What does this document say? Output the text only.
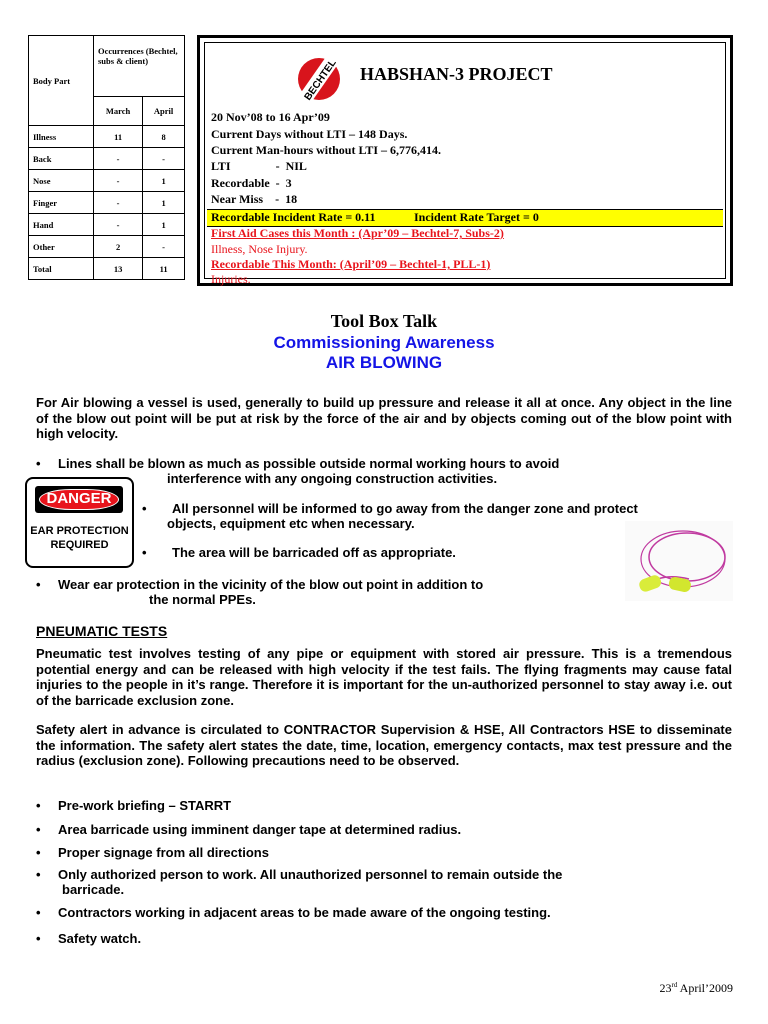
Body Part	Occurrences (Bechtel, subs & client)	
	March	April
Illness	11	8
Back	-	-
Nose	-	1
Finger	-	1
Hand	-	1
Other	2	-
Total	13	11
BECHTEL HABSHAN-3 PROJECT
20 Nov’08 to 16 Apr’09
Current Days without LTI – 148 Days.
Current Man-hours without LTI – 6,776,414.
LTI               -  NIL
Recordable  -  3
Near Miss    -  18
Recordable Incident Rate = 0.11	Incident Rate Target = 0
First Aid Cases this Month : (Apr’09 – Bechtel-7, Subs-2)
Illness, Nose Injury.
Recordable This Month: (April’09 – Bechtel-1, PLL-1)
Injuries.
Tool Box Talk
Commissioning Awareness
AIR BLOWING
For Air blowing a vessel is used, generally to build up pressure and release it all at once. Any object in the line of the blow out point will be put at risk by the force of the air and by objects coming out of the blow point with high velocity.
• Lines shall be blown as much as possible outside normal working hours to avoid
interference with any ongoing construction activities.
DANGER
EAR PROTECTION
REQUIRED
• All personnel will be informed to go away from the danger zone and protect
objects, equipment etc when necessary.
• The area will be barricaded off as appropriate.
• Wear ear protection in the vicinity of the blow out point in addition to
the normal PPEs.
PNEUMATIC TESTS
Pneumatic test involves testing of any pipe or equipment with stored air pressure. This is a tremendous potential energy and can be released with high velocity if the test fails. The flying fragments may cause fatal injuries to the people in it’s range. Therefore it is important for the un-authorized personnel to stay away i.e. out of the barricade exclusion zone.
Safety alert in advance is circulated to CONTRACTOR Supervision & HSE, All Contractors HSE to disseminate the information. The safety alert states the date, time, location, emergency contacts, max test pressure and the radius (exclusion zone). Following precautions need to be observed.
• Pre-work briefing – STARRT
• Area barricade using imminent danger tape at determined radius.
• Proper signage from all directions
• Only authorized person to work. All unauthorized personnel to remain outside the
barricade.
• Contractors working in adjacent areas to be made aware of the ongoing testing.
• Safety watch.
23rd April’2009
